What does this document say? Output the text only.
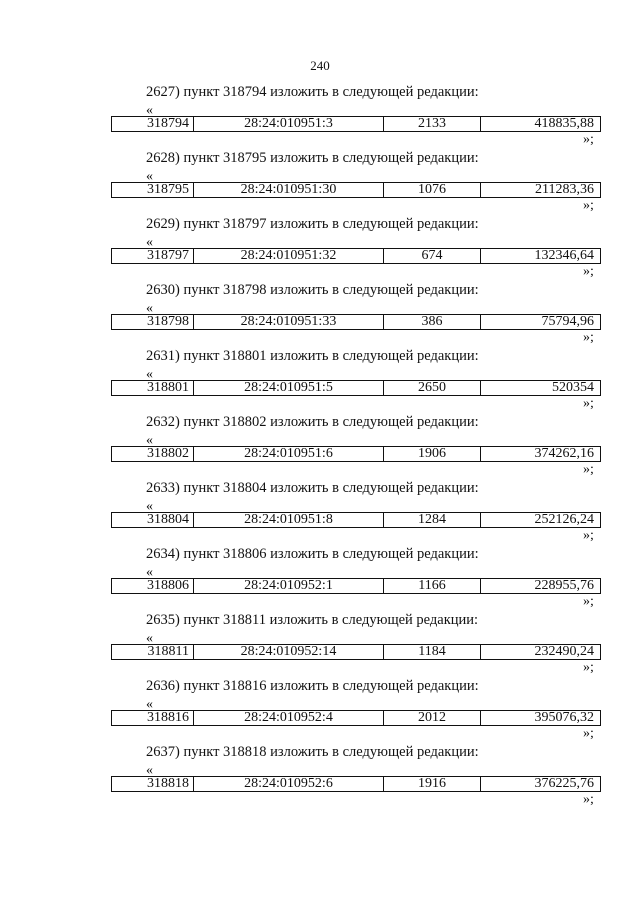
240
2627) пункт 318794 изложить в следующей редакции:
«
318794	28:24:010951:3	2133	418835,88
»;
2628) пункт 318795 изложить в следующей редакции:
«
318795	28:24:010951:30	1076	211283,36
»;
2629) пункт 318797 изложить в следующей редакции:
«
318797	28:24:010951:32	674	132346,64
»;
2630) пункт 318798 изложить в следующей редакции:
«
318798	28:24:010951:33	386	75794,96
»;
2631) пункт 318801 изложить в следующей редакции:
«
318801	28:24:010951:5	2650	520354
»;
2632) пункт 318802 изложить в следующей редакции:
«
318802	28:24:010951:6	1906	374262,16
»;
2633) пункт 318804 изложить в следующей редакции:
«
318804	28:24:010951:8	1284	252126,24
»;
2634) пункт 318806 изложить в следующей редакции:
«
318806	28:24:010952:1	1166	228955,76
»;
2635) пункт 318811 изложить в следующей редакции:
«
318811	28:24:010952:14	1184	232490,24
»;
2636) пункт 318816 изложить в следующей редакции:
«
318816	28:24:010952:4	2012	395076,32
»;
2637) пункт 318818 изложить в следующей редакции:
«
318818	28:24:010952:6	1916	376225,76
»;
